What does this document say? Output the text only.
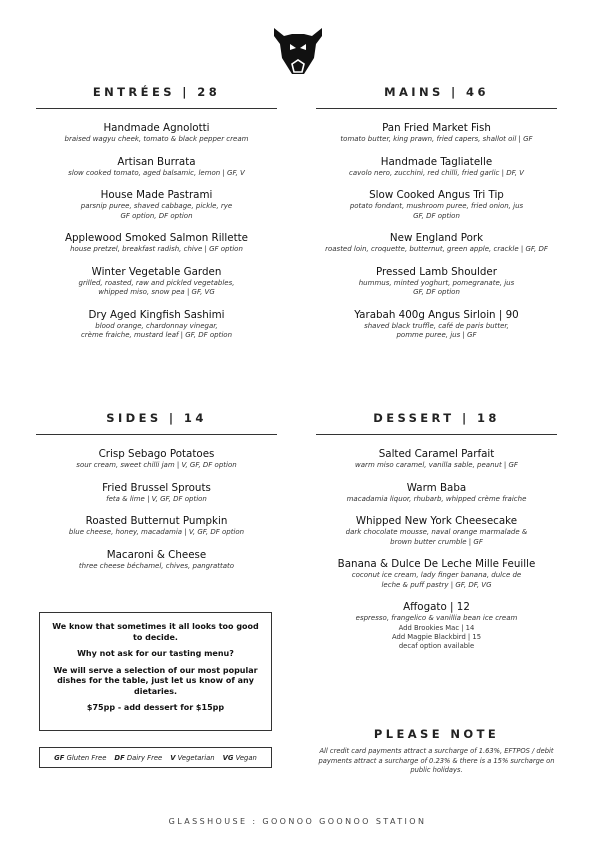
ENTRÉES | 28
Handmade Agnolotti
braised wagyu cheek, tomato & black pepper cream
Artisan Burrata
slow cooked tomato, aged balsamic, lemon | GF, V
House Made Pastrami
parsnip puree, shaved cabbage, pickle, rye
GF option, DF option
Applewood Smoked Salmon Rillette
house pretzel, breakfast radish, chive | GF option
Winter Vegetable Garden
grilled, roasted, raw and pickled vegetables,
whipped miso, snow pea | GF, VG
Dry Aged Kingfish Sashimi
blood orange, chardonnay vinegar,
crème fraiche, mustard leaf | GF, DF option
MAINS | 46
Pan Fried Market Fish
tomato butter, king prawn, fried capers, shallot oil | GF
Handmade Tagliatelle
cavolo nero, zucchini, red chilli, fried garlic | DF, V
Slow Cooked Angus Tri Tip
potato fondant, mushroom puree, fried onion, jus
GF, DF option
New England Pork
roasted loin, croquette, butternut, green apple, crackle | GF, DF
Pressed Lamb Shoulder
hummus, minted yoghurt, pomegranate, jus
GF, DF option
Yarabah 400g Angus Sirloin | 90
shaved black truffle, café de paris butter,
pomme puree, jus | GF
SIDES | 14
Crisp Sebago Potatoes
sour cream, sweet chilli jam | V, GF, DF option
Fried Brussel Sprouts
feta & lime | V, GF, DF option
Roasted Butternut Pumpkin
blue cheese, honey, macadamia | V, GF, DF option
Macaroni & Cheese
three cheese béchamel, chives, pangrattato
DESSERT | 18
Salted Caramel Parfait
warm miso caramel, vanilla sable, peanut | GF
Warm Baba
macadamia liquor, rhubarb, whipped crème fraiche
Whipped New York Cheesecake
dark chocolate mousse, naval orange marmalade &
brown butter crumble | GF
Banana & Dulce De Leche Mille Feuille
coconut ice cream, lady finger banana, dulce de
leche & puff pastry | GF, DF, VG
Affogato | 12
espresso, frangelico & vanillia bean ice cream
Add Brookies Mac | 14
Add Magpie Blackbird | 15
decaf option available

We know that sometimes it all looks too good to decide.

Why not ask for our tasting menu?

We will serve a selection of our most popular dishes for the table, just let us know of any dietaries.

$75pp - add dessert for $15pp

GF Gluten Free DF Dairy Free V Vegetarian VG Vegan
PLEASE NOTE
All credit card payments attract a surcharge of 1.63%, EFTPOS / debit payments attract a surcharge of 0.23% & there is a 15% surcharge on public holidays.
GLASSHOUSE : GOONOO GOONOO STATION
